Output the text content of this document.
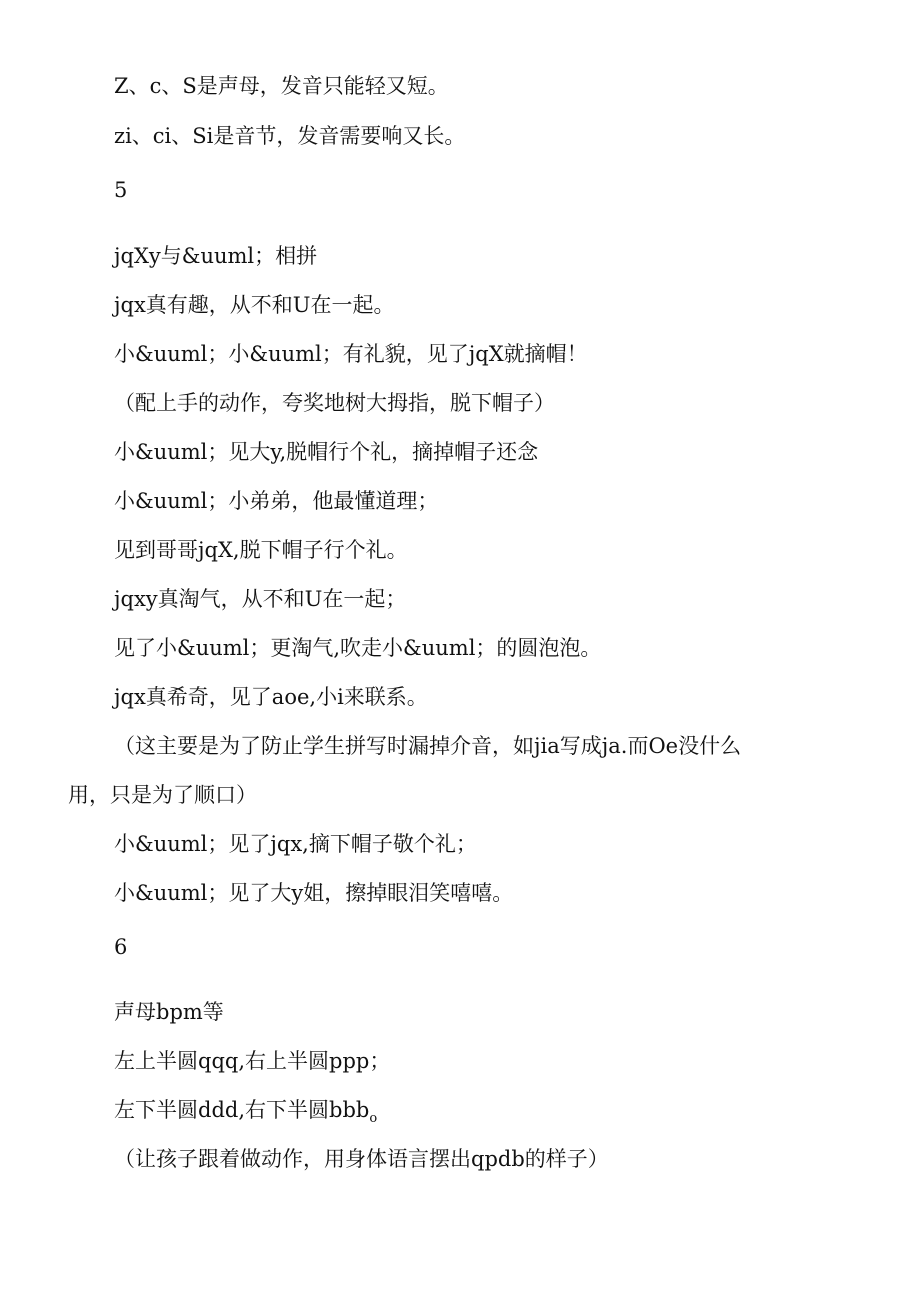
Z、c、S是声母，发音只能轻又短。
zi、ci、Si是音节，发音需要响又长。
5
jqXy与&uuml；相拼
jqx真有趣，从不和U在一起。
小&uuml；小&uuml；有礼貌，见了jqX就摘帽！
（配上手的动作，夸奖地树大拇指，脱下帽子）
小&uuml；见大y,脱帽行个礼，摘掉帽子还念
小&uuml；小弟弟，他最懂道理；
见到哥哥jqX,脱下帽子行个礼。
jqxy真淘气，从不和U在一起；
见了小&uuml；更淘气,吹走小&uuml；的圆泡泡。
jqx真希奇，见了aoe,小i来联系。
（这主要是为了防止学生拼写时漏掉介音，如jia写成ja.而Oe没什么
用，只是为了顺口）
小&uuml；见了jqx,摘下帽子敬个礼；
小&uuml；见了大y姐，擦掉眼泪笑嘻嘻。
6
声母bpm等
左上半圆qqq,右上半圆ppp；
左下半圆ddd,右下半圆bbb$_o$
（让孩子跟着做动作，用身体语言摆出qpdb的样子）
